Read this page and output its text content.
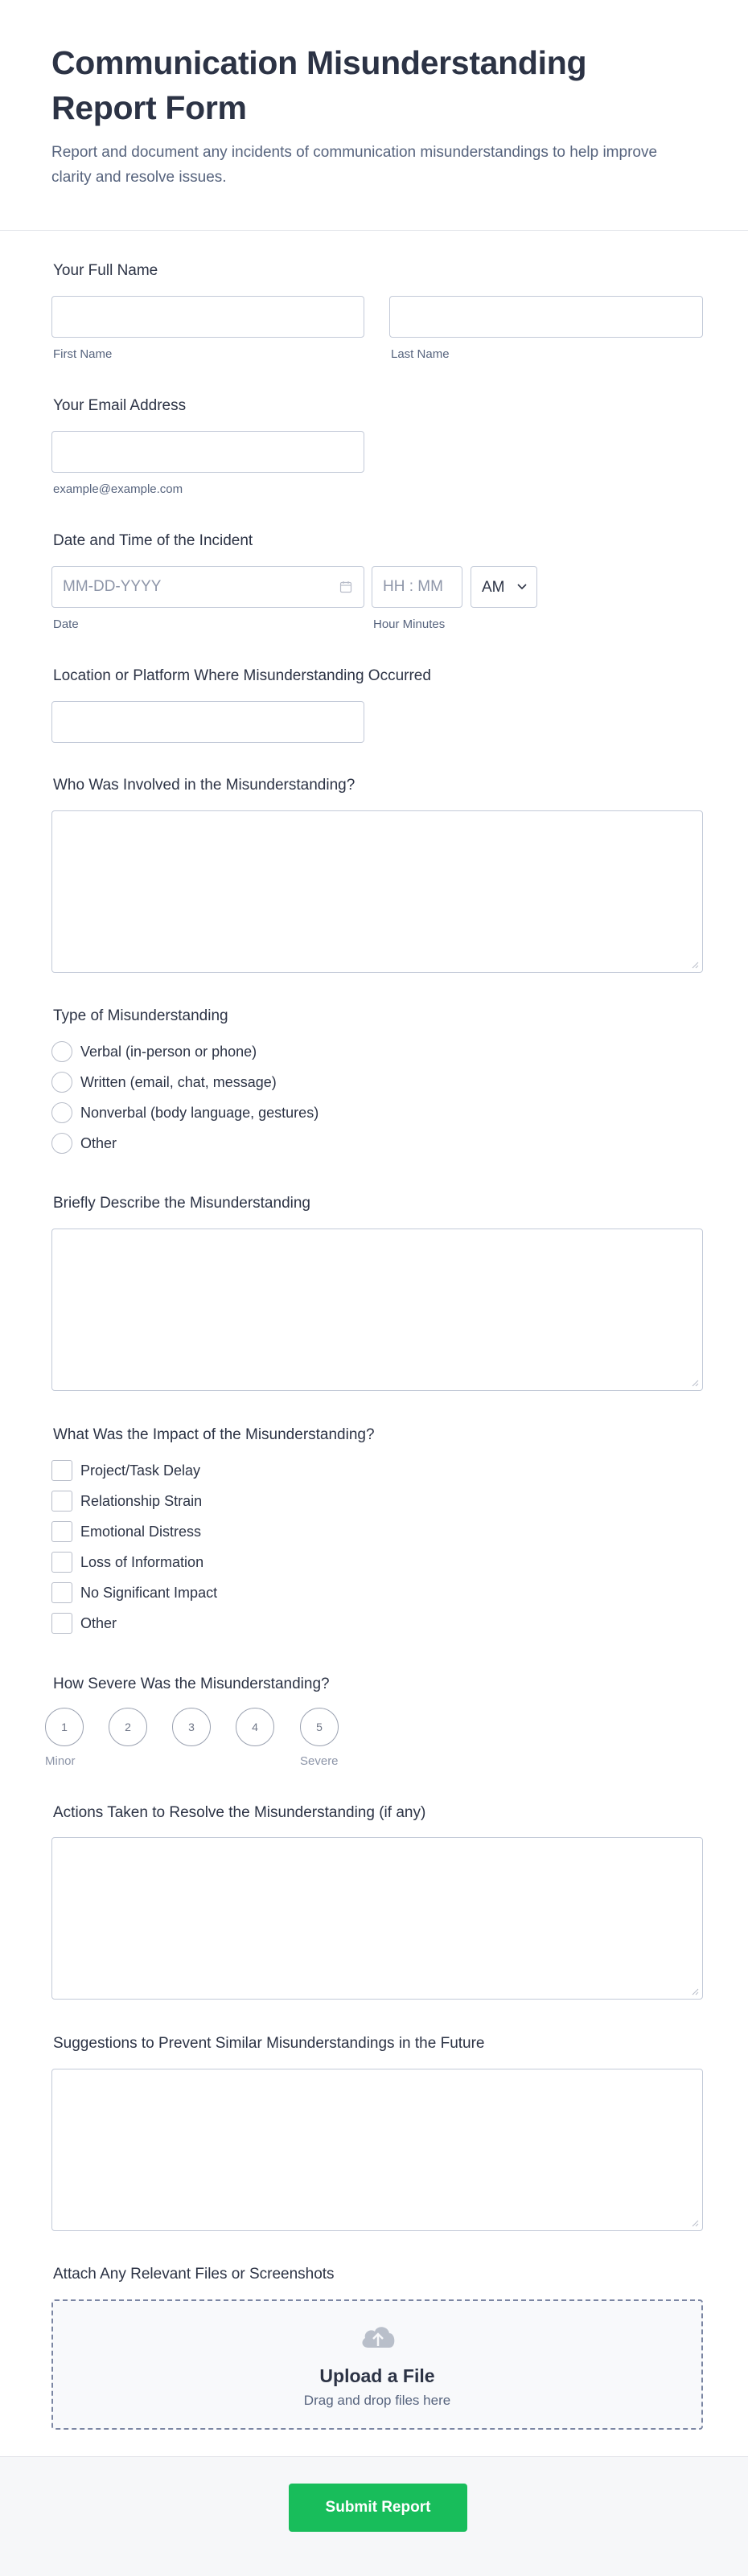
Communication Misunderstanding Report Form

Report and document any incidents of communication misunderstandings to help improve clarity and resolve issues.

Your Full Name
First Name	Last Name
Your Email Address
example@example.com
Date and Time of the Incident
MM-DD-YYYY	HH : MM	AM
Date	Hour Minutes
Location or Platform Where Misunderstanding Occurred
Who Was Involved in the Misunderstanding?
Type of Misunderstanding
Verbal (in-person or phone)
Written (email, chat, message)
Nonverbal (body language, gestures)
Other
Briefly Describe the Misunderstanding
What Was the Impact of the Misunderstanding?
Project/Task Delay
Relationship Strain
Emotional Distress
Loss of Information
No Significant Impact
Other
How Severe Was the Misunderstanding?
1	2	3	4	5
Minor	Severe
Actions Taken to Resolve the Misunderstanding (if any)
Suggestions to Prevent Similar Misunderstandings in the Future
Attach Any Relevant Files or Screenshots
Upload a File
Drag and drop files here
Submit Report
